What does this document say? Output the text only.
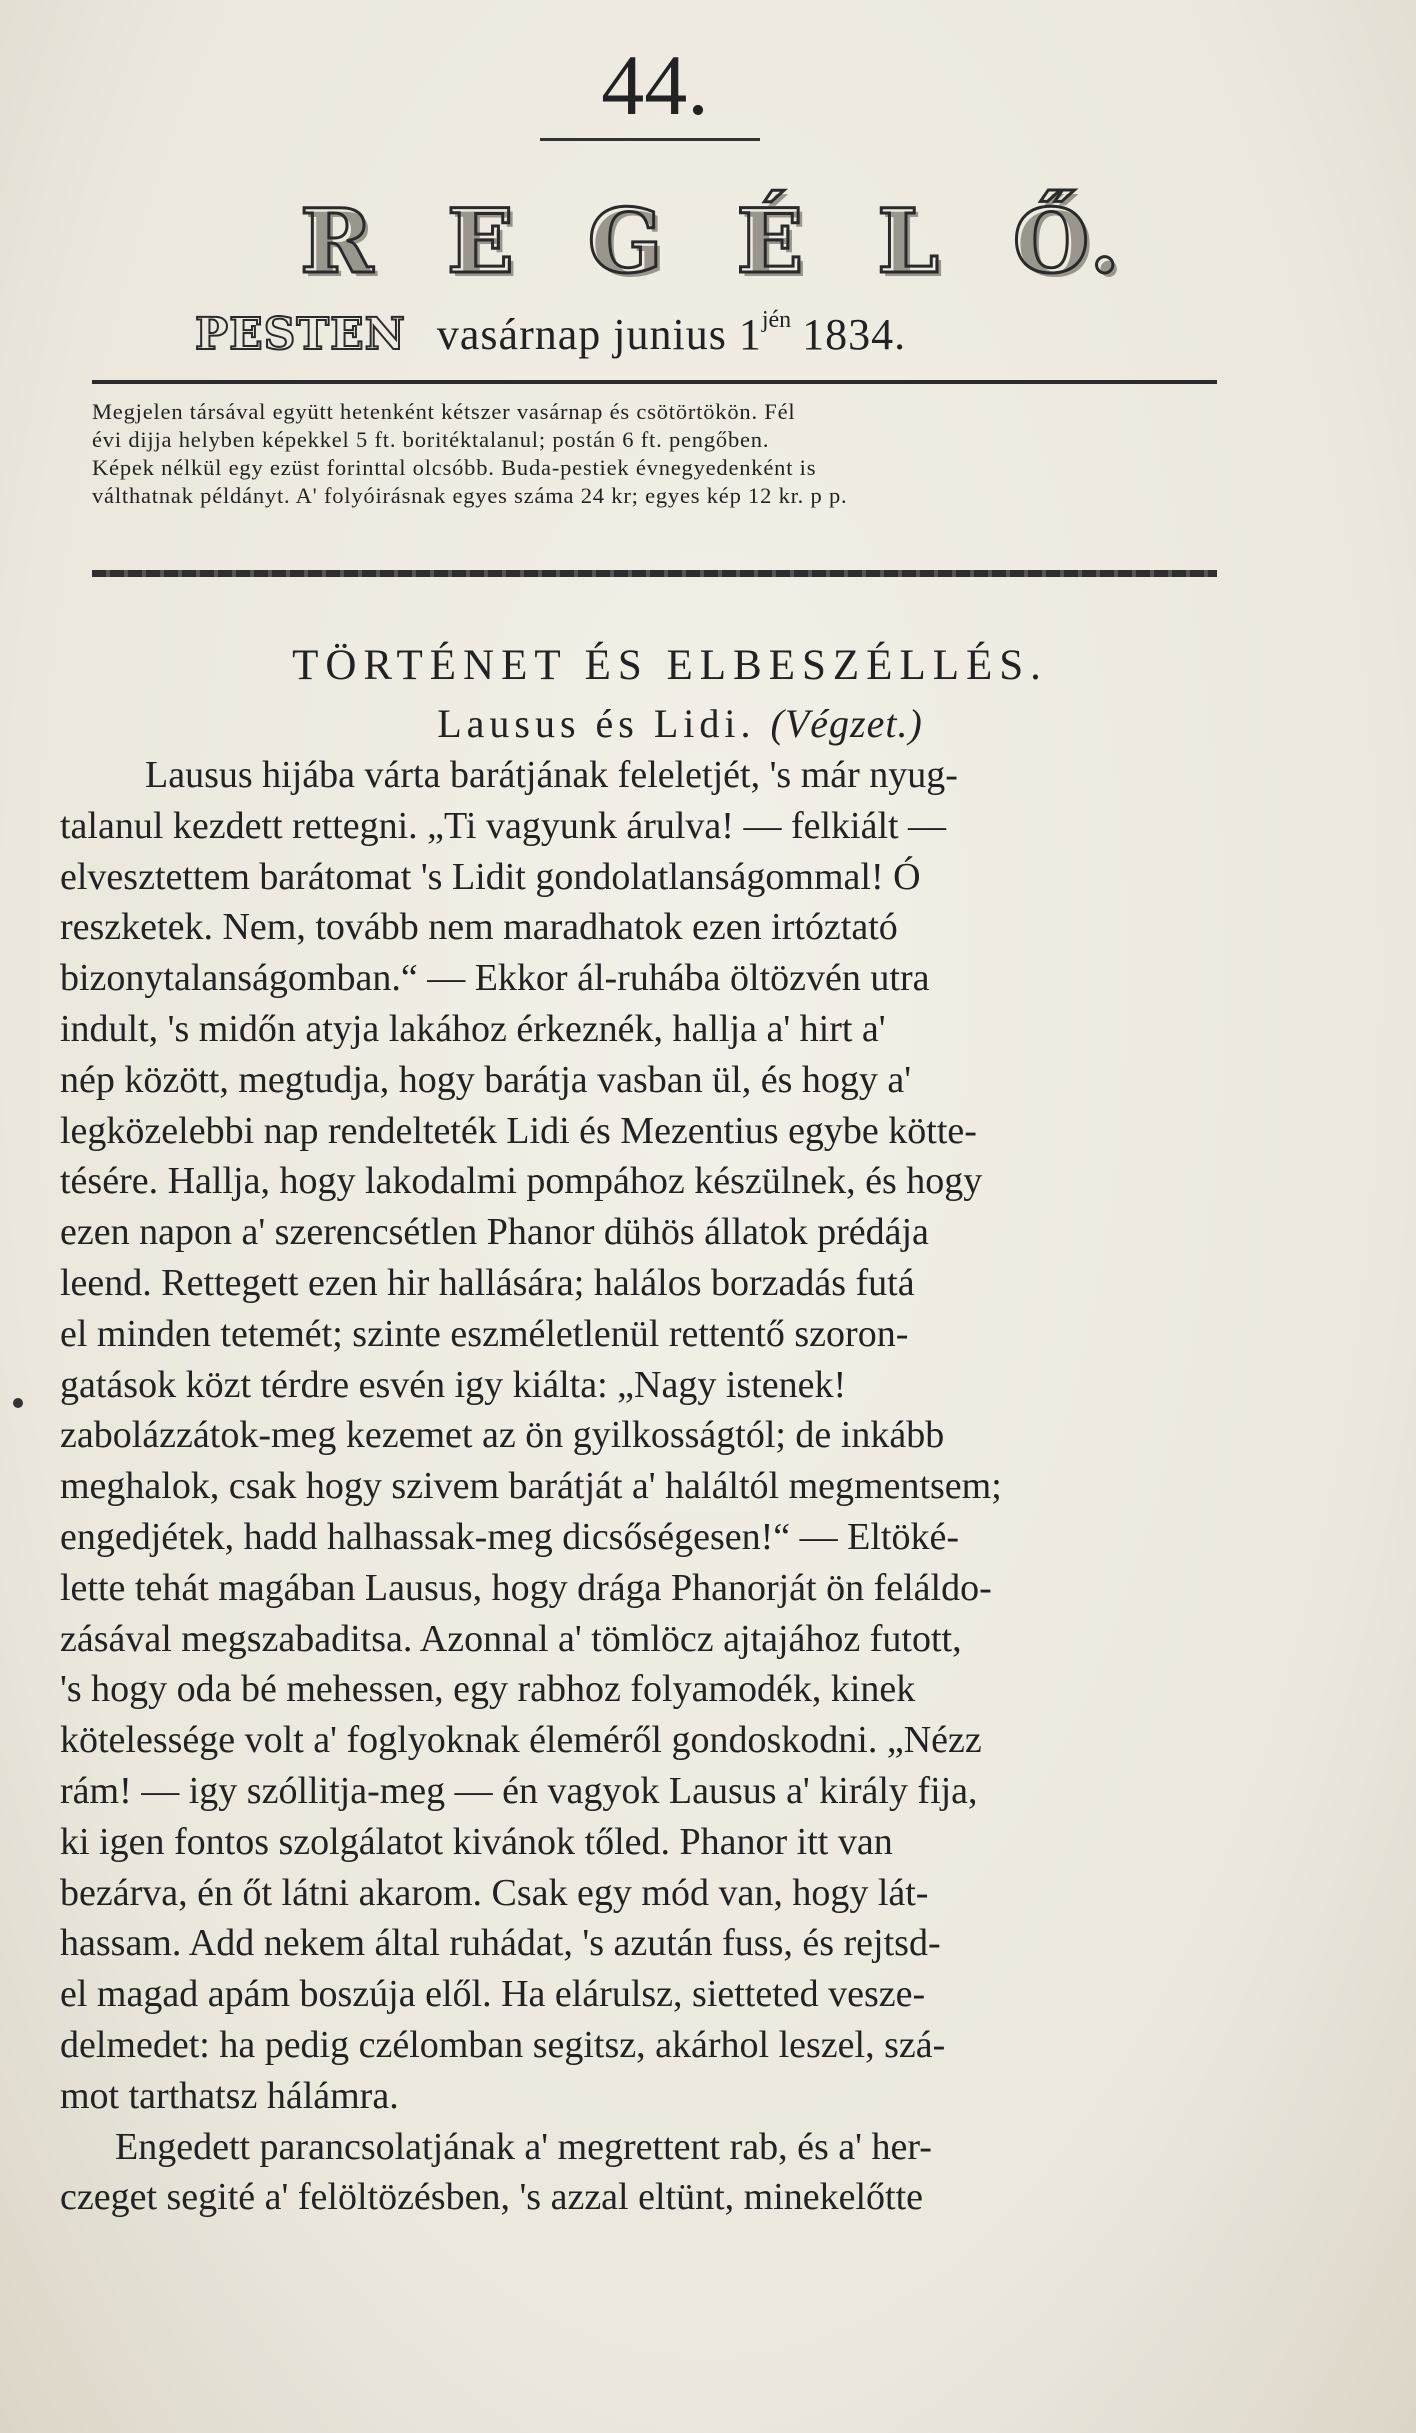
44.
R E G É L Ő.
PESTEN vasárnap junius $1^{jén}$ 1834.
Megjelen társával együtt hetenként kétszer vasárnap és csötörtökön. Fél
évi dijja helyben képekkel 5 ft. boritéktalanul; postán 6 ft. pengőben.
Képek nélkül egy ezüst forinttal olcsóbb. Buda-pestiek évnegyedenként is
válthatnak példányt. A' folyóirásnak egyes száma 24 kr; egyes kép 12 kr. p p.
TÖRTÉNET ÉS ELBESZÉLLÉS.
Lausus és Lidi. (Végzet.)
Lausus hijába várta barátjának feleletjét, 's már nyug-
talanul kezdett rettegni. „Ti vagyunk árulva! — felkiált —
elvesztettem barátomat 's Lidit gondolatlanságommal! Ó
reszketek. Nem, tovább nem maradhatok ezen irtóztató
bizonytalanságomban.“ — Ekkor ál-ruhába öltözvén utra
indult, 's midőn atyja lakához érkeznék, hallja a' hirt a'
nép között, megtudja, hogy barátja vasban ül, és hogy a'
legközelebbi nap rendelteték Lidi és Mezentius egybe kötte-
tésére. Hallja, hogy lakodalmi pompához készülnek, és hogy
ezen napon a' szerencsétlen Phanor dühös állatok prédája
leend. Rettegett ezen hir hallására; halálos borzadás futá
el minden tetemét; szinte eszméletlenül rettentő szoron-
gatások közt térdre esvén igy kiálta: „Nagy istenek!
zabolázzátok-meg kezemet az ön gyilkosságtól; de inkább
meghalok, csak hogy szivem barátját a' haláltól megmentsem;
engedjétek, hadd halhassak-meg dicsőségesen!“ — Eltöké-
lette tehát magában Lausus, hogy drága Phanorját ön feláldo-
zásával megszabaditsa. Azonnal a' tömlöcz ajtajához futott,
's hogy oda bé mehessen, egy rabhoz folyamodék, kinek
kötelessége volt a' foglyoknak éleméről gondoskodni. „Nézz
rám! — igy szóllitja-meg — én vagyok Lausus a' király fija,
ki igen fontos szolgálatot kivánok tőled. Phanor itt van
bezárva, én őt látni akarom. Csak egy mód van, hogy lát-
hassam. Add nekem által ruhádat, 's azután fuss, és rejtsd-
el magad apám boszúja elől. Ha elárulsz, sietteted vesze-
delmedet: ha pedig czélomban segitsz, akárhol leszel, szá-
mot tarthatsz hálámra.
Engedett parancsolatjának a' megrettent rab, és a' her-
czeget segité a' felöltözésben, 's azzal eltünt, minekelőtte
